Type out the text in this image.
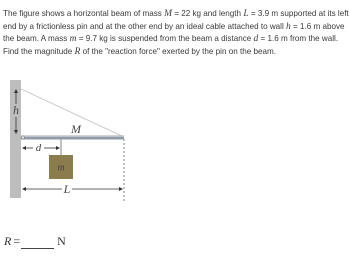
The figure shows a horizontal beam of mass M = 22 kg and length L = 3.9 m supported at its left end by a frictionless pin and at the other end by an ideal cable attached to wall h = 1.6 m above the beam. A mass m = 9.7 kg is suspended from the beam a distance d = 1.6 m from the wall. Find the magnitude R of the "reaction force" exerted by the pin on the beam.

m
h
M
d
L
R =	N
